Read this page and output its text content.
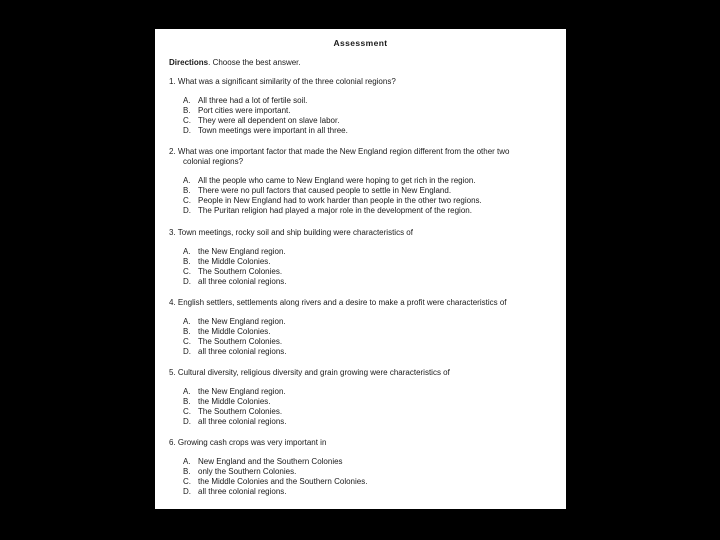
Assessment
Directions. Choose the best answer.
1. What was a significant similarity of the three colonial regions?
A. All three had a lot of fertile soil.
B. Port cities were important.
C. They were all dependent on slave labor.
D. Town meetings were important in all three.
2. What was one important factor that made the New England region different from the other two
colonial regions?
A. All the people who came to New England were hoping to get rich in the region.
B. There were no pull factors that caused people to settle in New England.
C. People in New England had to work harder than people in the other two regions.
D. The Puritan religion had played a major role in the development of the region.
3. Town meetings, rocky soil and ship building were characteristics of
A. the New England region.
B. the Middle Colonies.
C. The Southern Colonies.
D. all three colonial regions.
4. English settlers, settlements along rivers and a desire to make a profit were characteristics of
A. the New England region.
B. the Middle Colonies.
C. The Southern Colonies.
D. all three colonial regions.
5. Cultural diversity, religious diversity and grain growing were characteristics of
A. the New England region.
B. the Middle Colonies.
C. The Southern Colonies.
D. all three colonial regions.
6. Growing cash crops was very important in
A. New England and the Southern Colonies
B. only the Southern Colonies.
C. the Middle Colonies and the Southern Colonies.
D. all three colonial regions.
